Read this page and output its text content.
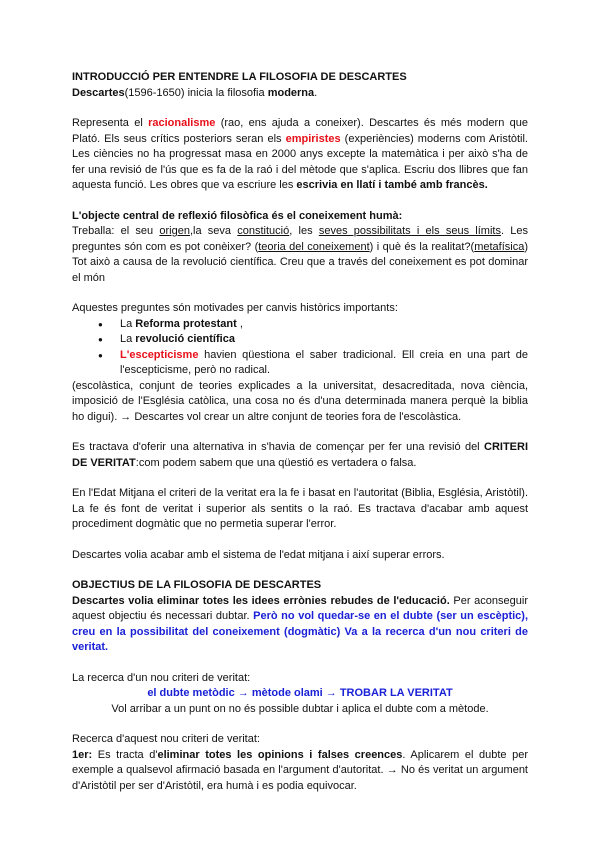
INTRODUCCIÓ PER ENTENDRE LA FILOSOFIA DE DESCARTES

Descartes(1596-1650) inicia la filosofia moderna.

Representa el racionalisme (rao, ens ajuda a coneixer). Descartes és més modern que Plató. Els seus crítics posteriors seran els empiristes (experiències) moderns com Aristòtil. Les ciències no ha progressat masa en 2000 anys excepte la matemàtica i per això s'ha de fer una revisió de l'ús que es fa de la raó i del mètode que s'aplica. Escriu dos llibres que fan aquesta funció. Les obres que va escriure les escrivia en llatí i també amb francès.

L'objecte central de reflexió filosòfica és el coneixement humà:

Treballa: el seu origen,la seva constitució, les seves possibilitats i els seus límits. Les preguntes són com es pot conèixer? (teoria del coneixement) i què és la realitat?(metafísica) Tot això a causa de la revolució científica. Creu que a través del coneixement es pot dominar el món

Aquestes preguntes són motivades per canvis històrics importants:

● La Reforma protestant ,
● La revolució científica
● L'escepticisme havien qüestiona el saber tradicional. Ell creia en una part de l'escepticisme, però no radical.

(escolàstica, conjunt de teories explicades a la universitat, desacreditada, nova ciència, imposició de l'Església catòlica, una cosa no és d'una determinada manera perquè la biblia ho digui). → Descartes vol crear un altre conjunt de teories fora de l'escolàstica.

Es tractava d'oferir una alternativa in s'havia de començar per fer una revisió del CRITERI DE VERITAT:com podem sabem que una qüestió es vertadera o falsa.

En l'Edat Mitjana el criteri de la veritat era la fe i basat en l'autoritat (Biblia, Església, Aristòtil). La fe és font de veritat i superior als sentits o la raó. Es tractava d'acabar amb aquest procediment dogmàtic que no permetia superar l'error.

Descartes volia acabar amb el sistema de l'edat mitjana i així superar errors.

OBJECTIUS DE LA FILOSOFIA DE DESCARTES

Descartes volia eliminar totes les idees errònies rebudes de l'educació. Per aconseguir aquest objectiu és necessari dubtar. Però no vol quedar-se en el dubte (ser un escèptic), creu en la possibilitat del coneixement (dogmàtic) Va a la recerca d'un nou criteri de veritat.

La recerca d'un nou criteri de veritat:

el dubte metòdic → mètode olami → TROBAR LA VERITAT

Vol arribar a un punt on no és possible dubtar i aplica el dubte com a mètode.

Recerca d'aquest nou criteri de veritat:

1er: Es tracta d'eliminar totes les opinions i falses creences. Aplicarem el dubte per exemple a qualsevol afirmació basada en l'argument d'autoritat. → No és veritat un argument d'Aristòtil per ser d'Aristòtil, era humà i es podia equivocar.
